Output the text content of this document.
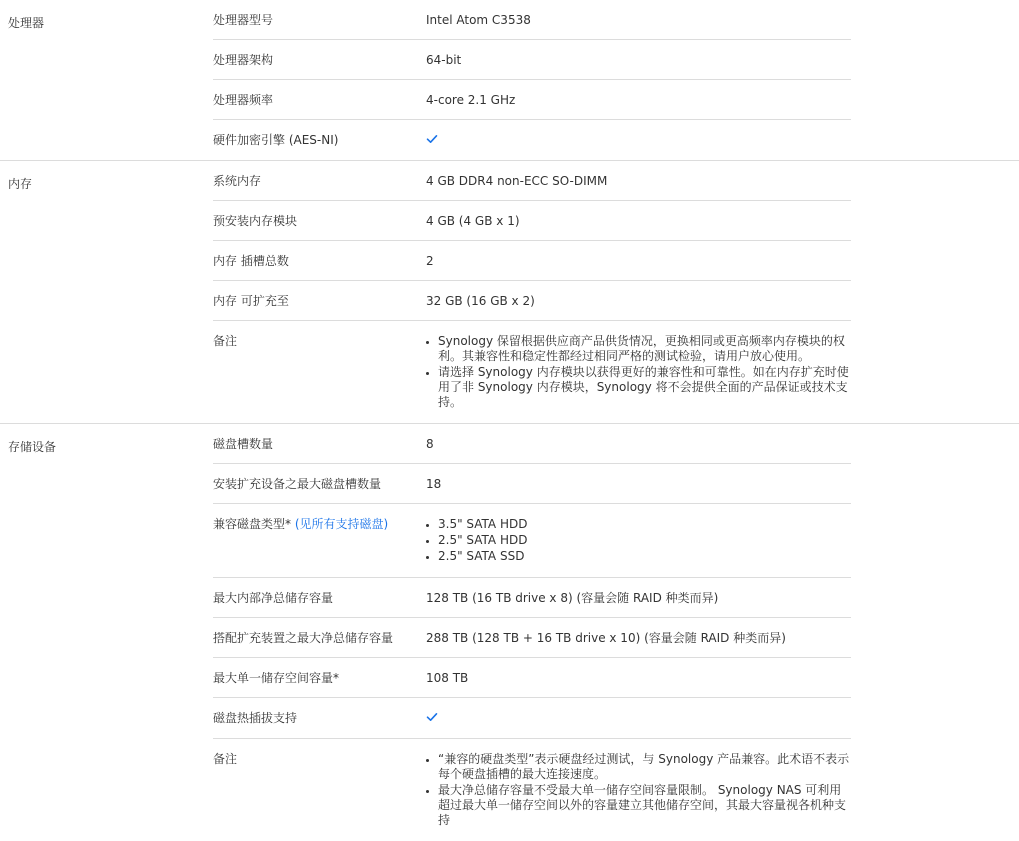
处理器	处理器型号	Intel Atom C3538
处理器架构	64-bit
处理器频率	4-core 2.1 GHz
硬件加密引擎 (AES-NI)
内存	系统内存	4 GB DDR4 non-ECC SO-DIMM
预安装内存模块	4 GB (4 GB x 1)
内存 插槽总数	2
内存 可扩充至	32 GB (16 GB x 2)
备注	• Synology 保留根据供应商产品供货情况，更换相同或更高频率内存模块的权利。其兼容性和稳定性都经过相同严格的测试检验，请用户放心使用。
• 请选择 Synology 内存模块以获得更好的兼容性和可靠性。如在内存扩充时使用了非 Synology 内存模块，Synology 将不会提供全面的产品保证或技术支持。
存储设备	磁盘槽数量	8
安装扩充设备之最大磁盘槽数量	18
兼容磁盘类型* (见所有支持磁盘)	• 3.5" SATA HDD
• 2.5" SATA HDD
• 2.5" SATA SSD
最大内部净总储存容量	128 TB (16 TB drive x 8) (容量会随 RAID 种类而异)
搭配扩充装置之最大净总储存容量	288 TB (128 TB + 16 TB drive x 10) (容量会随 RAID 种类而异)
最大单一储存空间容量*	108 TB
磁盘热插拔支持
备注	• “兼容的硬盘类型”表示硬盘经过测试，与 Synology 产品兼容。此术语不表示每个硬盘插槽的最大连接速度。
• 最大净总储存容量不受最大单一储存空间容量限制。 Synology NAS 可利用超过最大单一储存空间以外的容量建立其他储存空间，其最大容量视各机种支持
